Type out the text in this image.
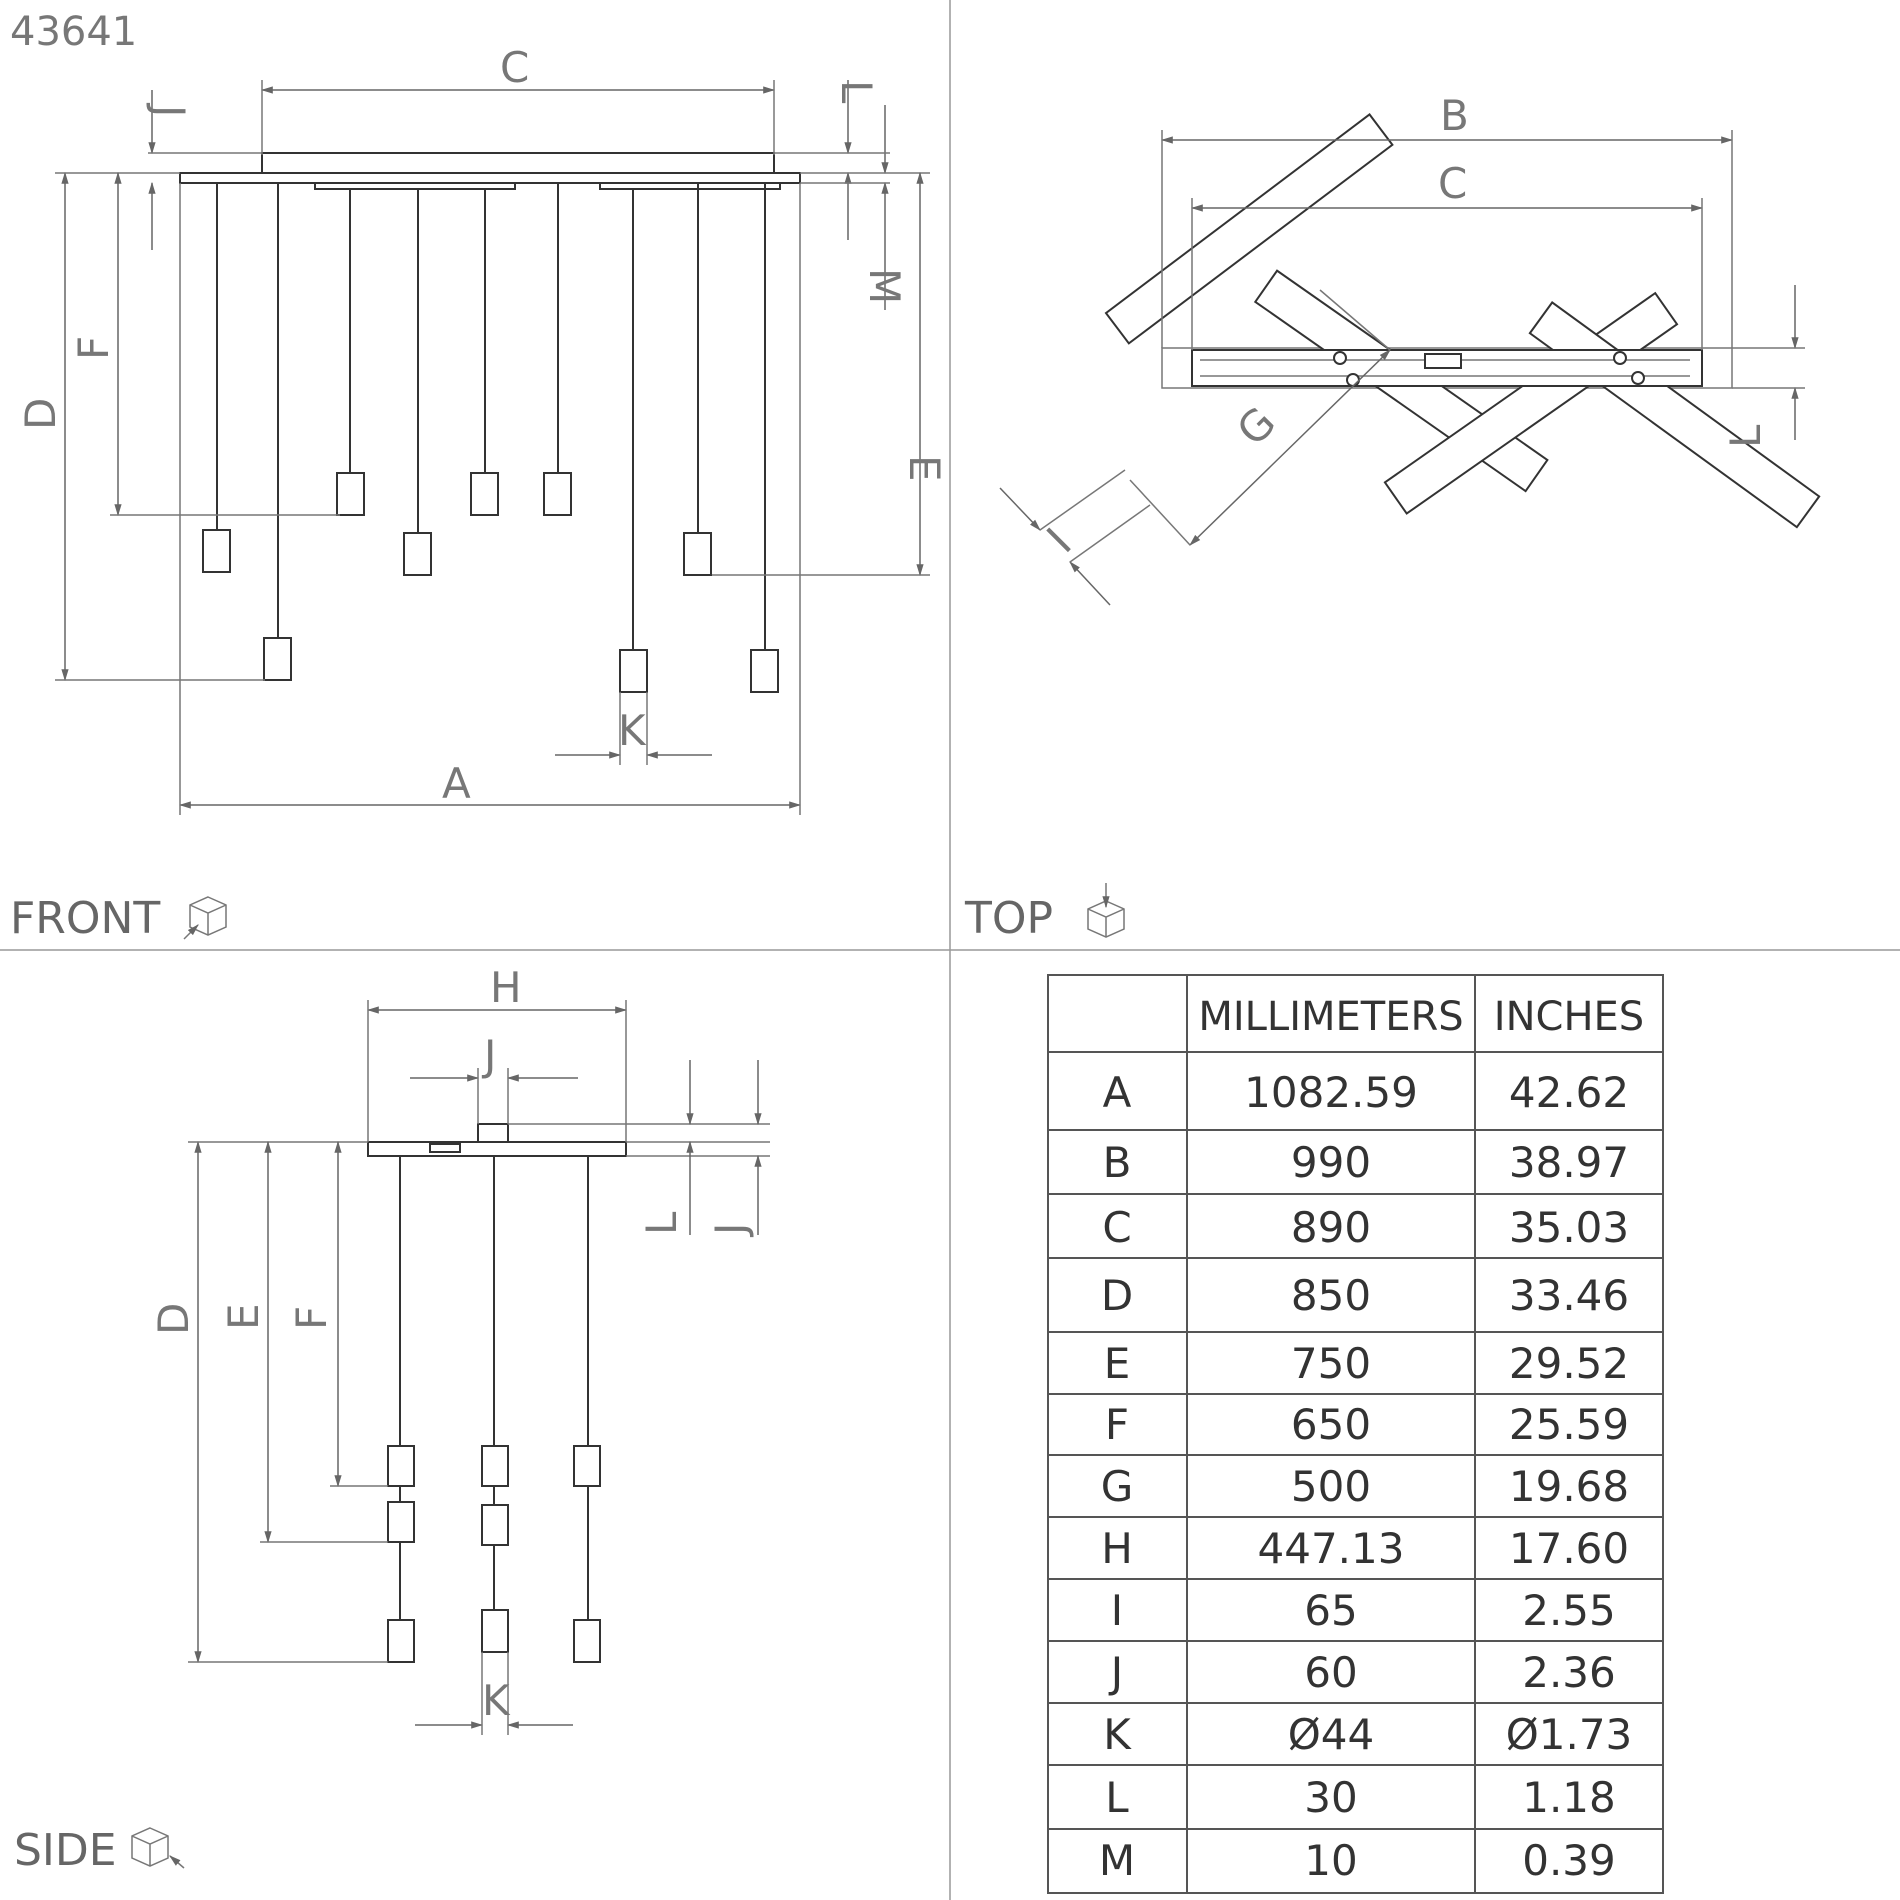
43641
C
J
D
F
L
M
E
A
K
FRONT
B
C
L
G
I
TOP
H
J
L J
D E F
K
SIDE
MILLIMETERS INCHES
A	1082.59 42.62
B	990	38.97
C	890	35.03
D	850	33.46
E	750	29.52
F	650	25.59
G	500	19.68
H	447.13 17.60
I	65	2.55
J	60	2.36
K	Ø44	Ø1.73
L	30	1.18
M	10	0.39
